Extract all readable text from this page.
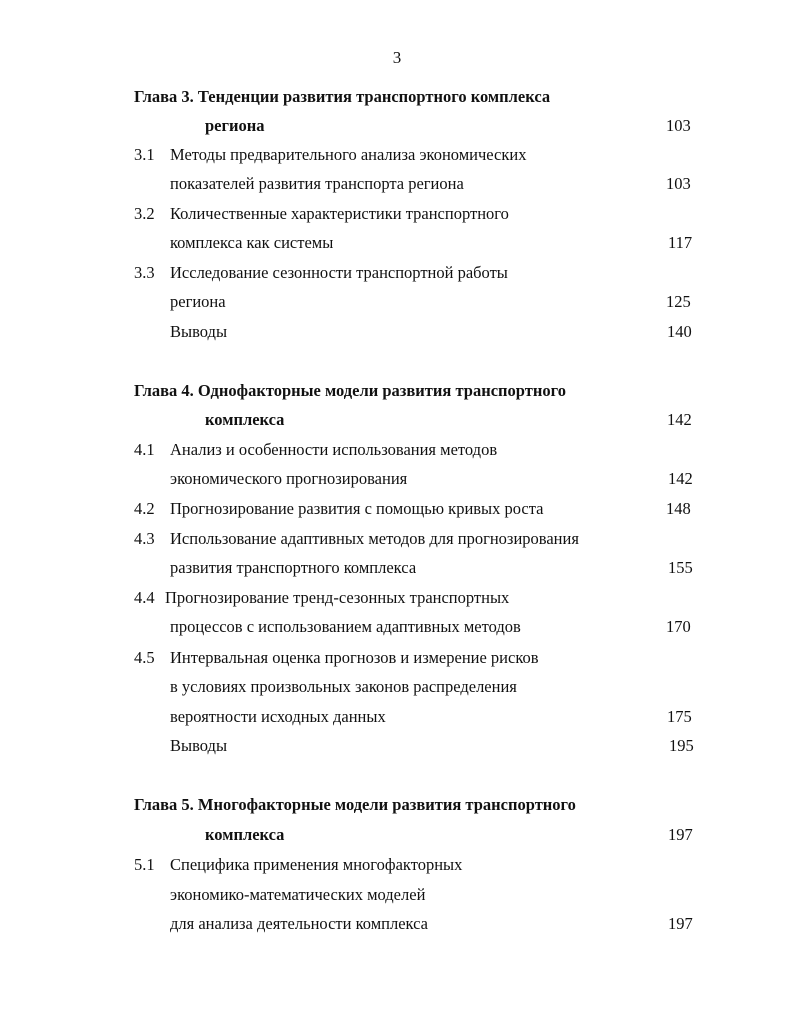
3
Глава 3. Тенденции развития транспортного комплекса
региона	103
3.1 Методы предварительного анализа экономических
показателей развития транспорта региона	103
3.2 Количественные характеристики транспортного
комплекса как системы	117
3.3 Исследование сезонности транспортной работы
региона	125
Выводы	140
Глава 4. Однофакторные модели развития транспортного
комплекса	142
4.1 Анализ и особенности использования методов
экономического прогнозирования	142
4.2 Прогнозирование развития с помощью кривых роста	148
4.3 Использование адаптивных методов для прогнозирования
развития транспортного комплекса	155
4.4 Прогнозирование тренд-сезонных транспортных
процессов с использованием адаптивных методов	170
4.5 Интервальная оценка прогнозов и измерение рисков
в условиях произвольных законов распределения
вероятности исходных данных	175
Выводы	195
Глава 5. Многофакторные модели развития транспортного
комплекса	197
5.1 Специфика применения многофакторных
экономико-математических моделей
для анализа деятельности комплекса	197
